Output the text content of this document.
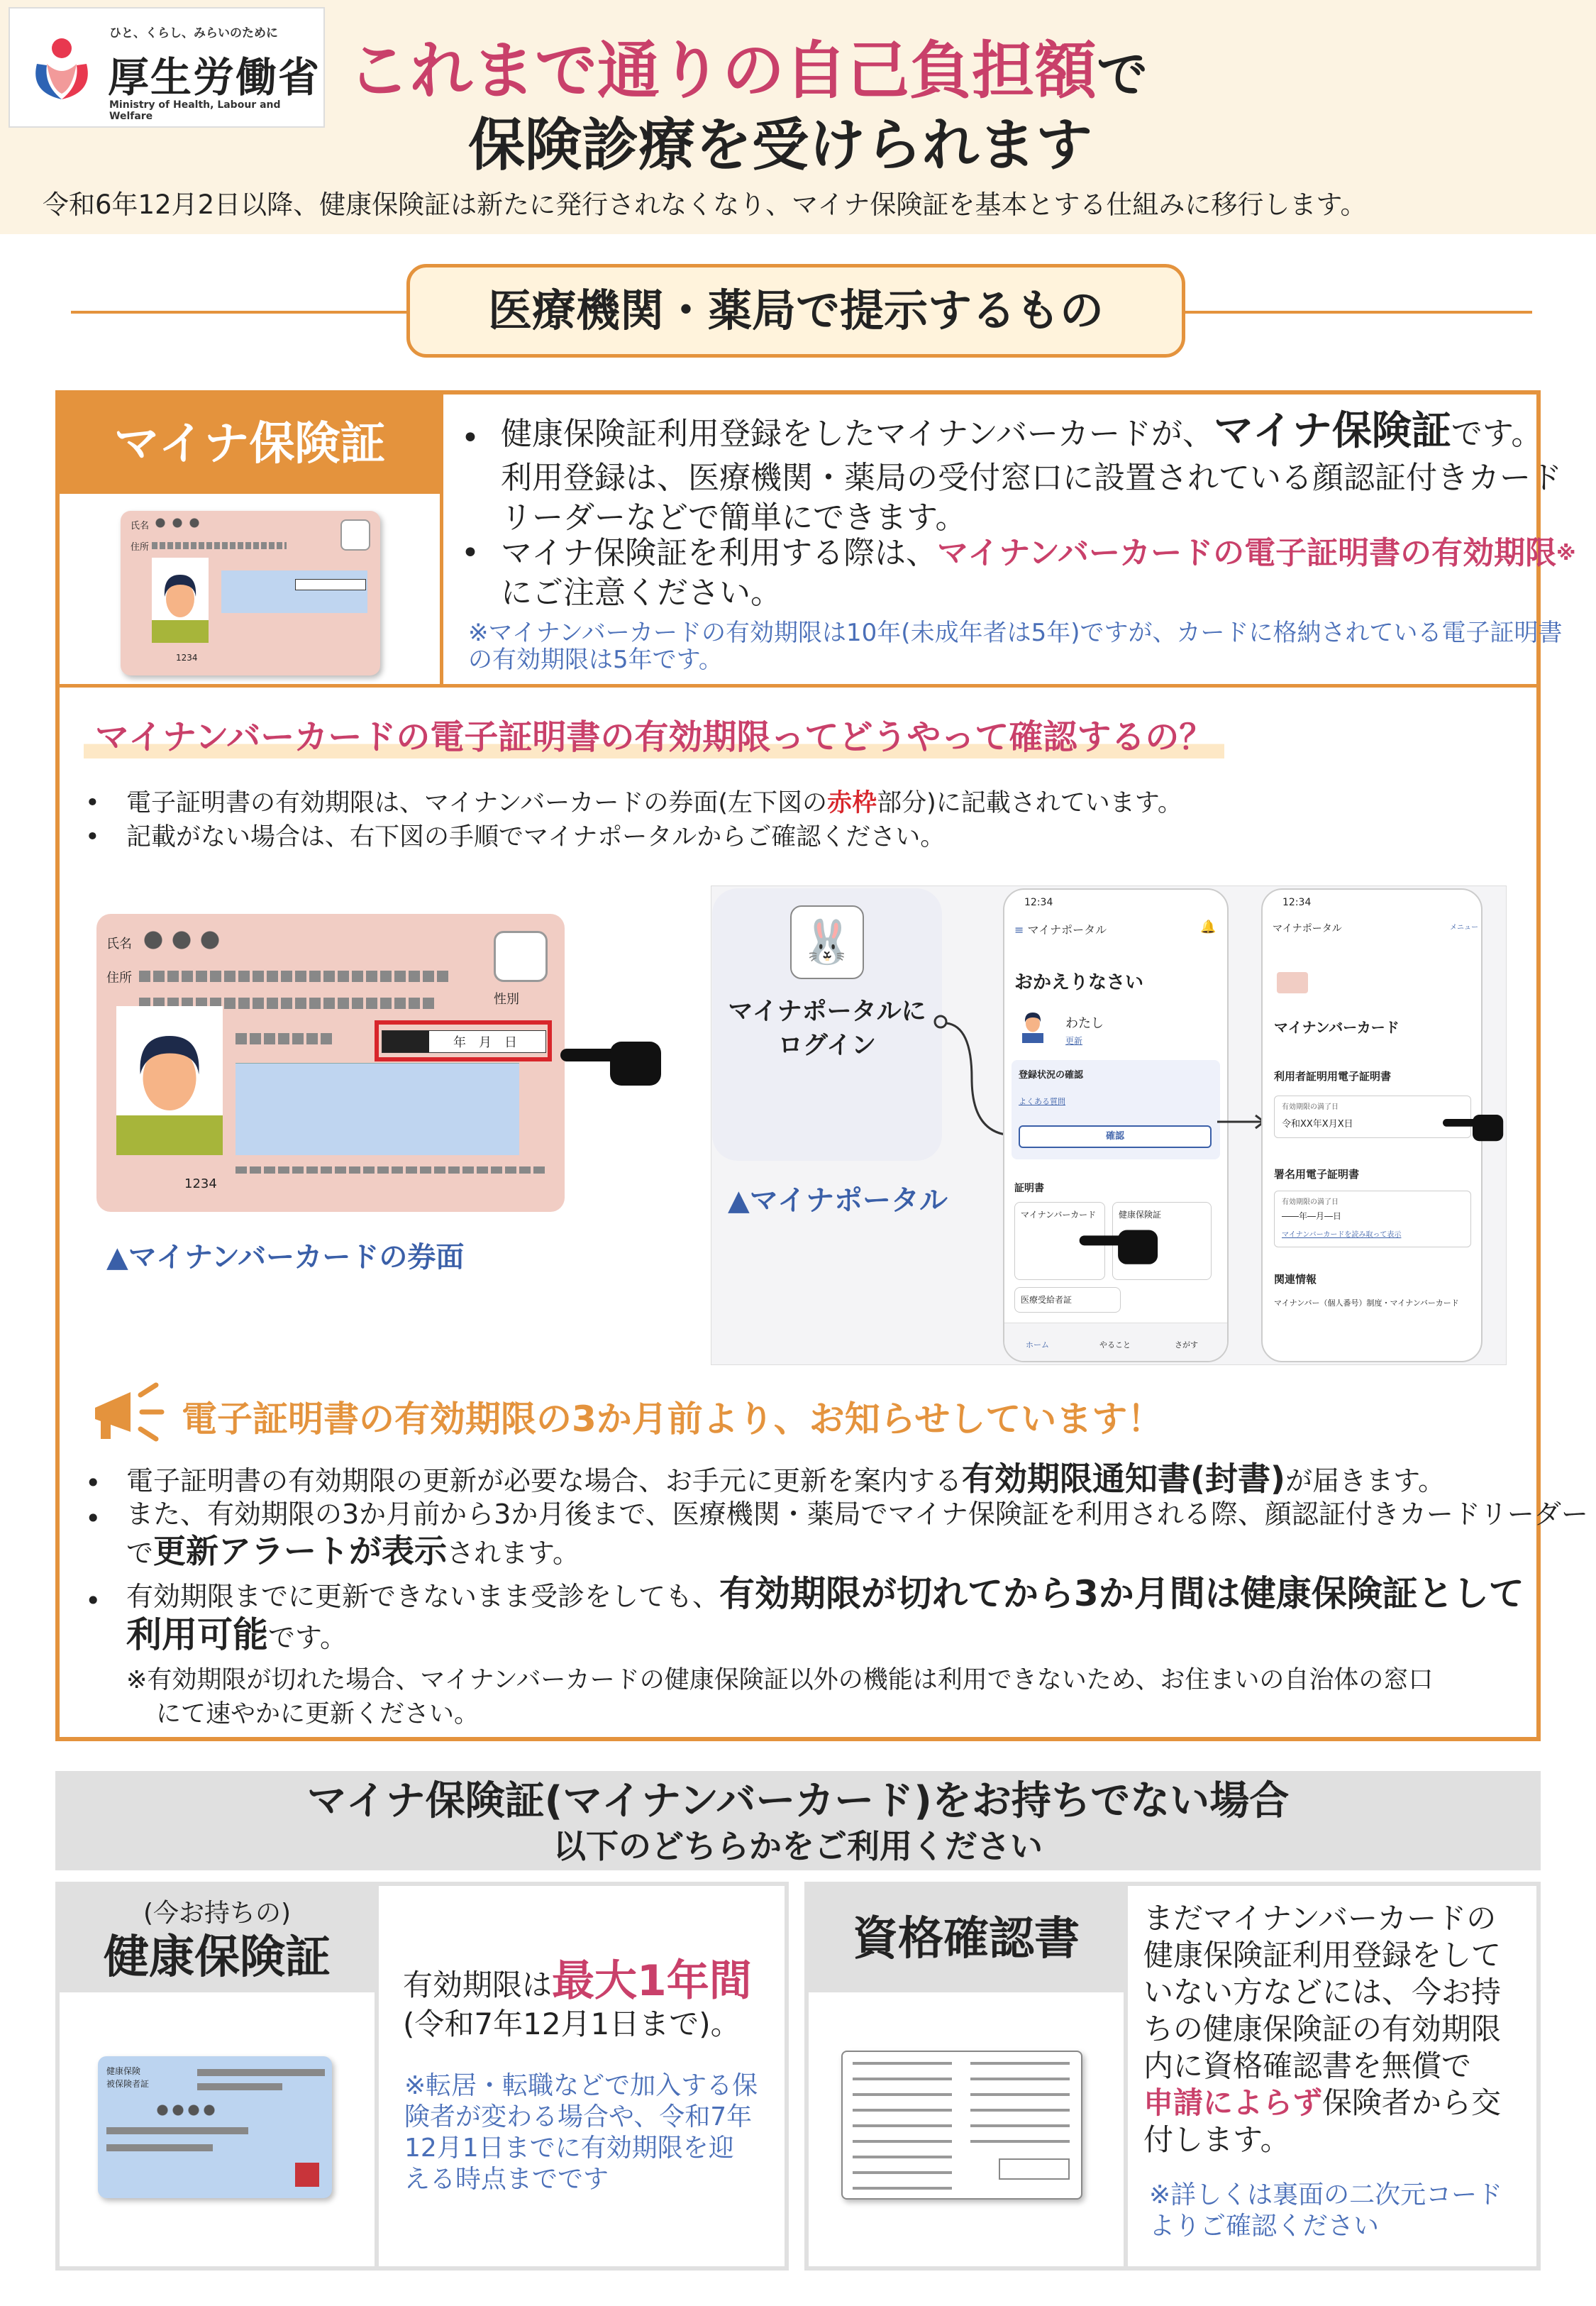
ひと、くらし、みらいのために
厚生労働省
Ministry of Health, Labour and Welfare
これまで通りの自己負担額で
保険診療を受けられます
令和6年12月2日以降、健康保険証は新たに発行されなくなり、マイナ保険証を基本とする仕組みに移行します。
医療機関・薬局で提示するもの
マイナ保険証
氏名
住所
1234
• 健康保険証利用登録をしたマイナンバーカードが、マイナ保険証です。
利用登録は、医療機関・薬局の受付窓口に設置されている顔認証付きカード
リーダーなどで簡単にできます。
• マイナ保険証を利用する際は、マイナンバーカードの電子証明書の有効期限※
にご注意ください。
※マイナンバーカードの有効期限は10年(未成年者は5年)ですが、カードに格納されている電子証明書
の有効期限は5年です。
マイナンバーカードの電子証明書の有効期限ってどうやって確認するの？
• 電子証明書の有効期限は、マイナンバーカードの券面(左下図の赤枠部分)に記載されています。
• 記載がない場合は、右下図の手順でマイナポータルからご確認ください。
氏名
住所
性別
年　月　日
1234
▲マイナンバーカードの券面
🐰
マイナポータルに
ログイン
▲マイナポータル
12:34
≡ マイナポータル	🔔
おかえりなさい
わたし
更新
登録状況の確認
よくある質問
確認
証明書
マイナンバーカード	健康保険証
医療受給者証
ホーム	やること	さがす
12:34
マイナポータル	メニュー
マイナンバーカード
利用者証明用電子証明書
有効期限の満了日
令和XX年X月X日
署名用電子証明書
有効期限の満了日
――年―月―日
マイナンバーカードを読み取って表示
関連情報
マイナンバー（個人番号）制度・マイナンバーカード
電子証明書の有効期限の3か月前より、お知らせしています！
• 電子証明書の有効期限の更新が必要な場合、お手元に更新を案内する有効期限通知書(封書)が届きます。
• また、有効期限の3か月前から3か月後まで、医療機関・薬局でマイナ保険証を利用される際、顔認証付きカードリーダー
で更新アラートが表示されます。
• 有効期限までに更新できないまま受診をしても、有効期限が切れてから3か月間は健康保険証として
利用可能です。
※有効期限が切れた場合、マイナンバーカードの健康保険証以外の機能は利用できないため、お住まいの自治体の窓口
にて速やかに更新ください。
マイナ保険証(マイナンバーカード)をお持ちでない場合
以下のどちらかをご利用ください
(今お持ちの)
健康保険証
健康保険
被保険者証
有効期限は最大1年間
(令和7年12月1日まで)。
※転居・転職などで加入する保
険者が変わる場合や、令和7年
12月1日までに有効期限を迎
える時点までです
資格確認書	まだマイナンバーカードの
健康保険証利用登録をして
いない方などには、今お持
ちの健康保険証の有効期限
内に資格確認書を無償で
申請によらず保険者から交
付します。
※詳しくは裏面の二次元コード
よりご確認ください
